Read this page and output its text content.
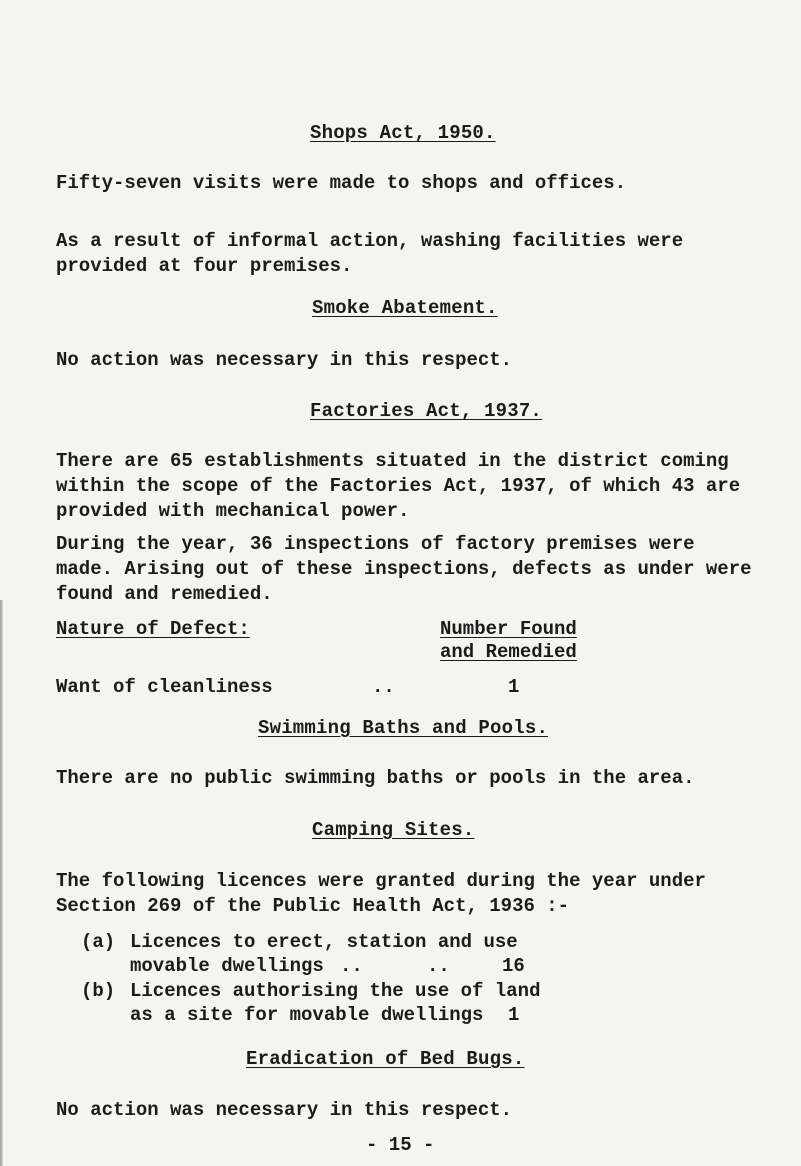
Shops Act, 1950.
Fifty-seven visits were made to shops and offices.
As a result of informal action, washing facilities were
provided at four premises.
Smoke Abatement.
No action was necessary in this respect.
Factories Act, 1937.
There are 65 establishments situated in the district coming
within the scope of the Factories Act, 1937, of which 43 are
provided with mechanical power.
During the year, 36 inspections of factory premises were
made. Arising out of these inspections, defects as under were
found and remedied.
Nature of Defect:	Number Found
and Remedied
Want of cleanliness	..	1
Swimming Baths and Pools.
There are no public swimming baths or pools in the area.
Camping Sites.
The following licences were granted during the year under
Section 269 of the Public Health Act, 1936 :-
(a) Licences to erect, station and use
movable dwellings ..	..	16
(b) Licences authorising the use of land
as a site for movable dwellings 1
Eradication of Bed Bugs.
No action was necessary in this respect.
- 15 -
